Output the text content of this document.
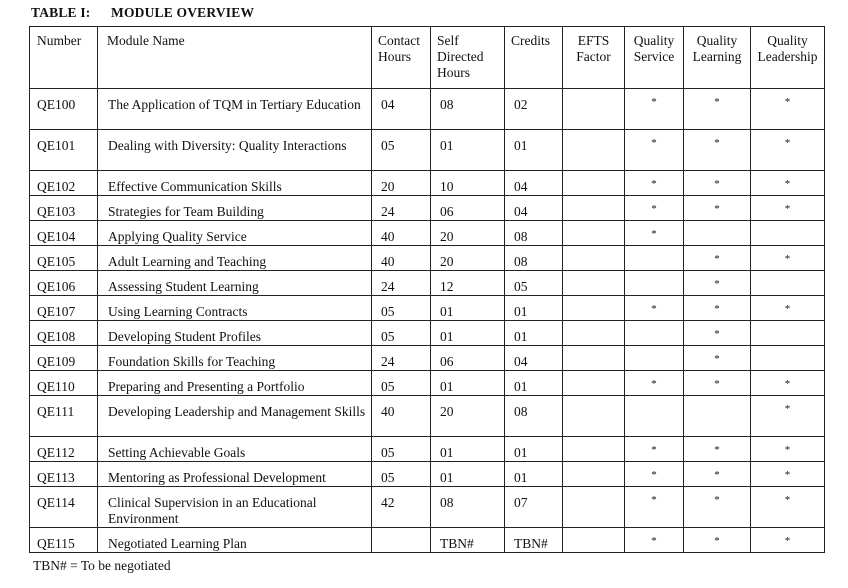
TABLE I: MODULE OVERVIEW
Number	Module Name	Contact Hours	Self Directed Hours	Credits	EFTS Factor	Quality Service	Quality Learning	Quality Leadership
QE100	The Application of TQM in Tertiary Education	04	08	02		*	*	*
QE101	Dealing with Diversity: Quality Interactions	05	01	01		*	*	*
QE102	Effective Communication Skills	20	10	04		*	*	*
QE103	Strategies for Team Building	24	06	04		*	*	*
QE104	Applying Quality Service	40	20	08		*		
QE105	Adult Learning and Teaching	40	20	08			*	*
QE106	Assessing Student Learning	24	12	05			*	
QE107	Using Learning Contracts	05	01	01		*	*	*
QE108	Developing Student Profiles	05	01	01			*	
QE109	Foundation Skills for Teaching	24	06	04			*	
QE110	Preparing and Presenting a Portfolio	05	01	01		*	*	*
QE111	Developing Leadership and Management Skills	40	20	08				*
QE112	Setting Achievable Goals	05	01	01		*	*	*
QE113	Mentoring as Professional Development	05	01	01		*	*	*
QE114	Clinical Supervision in an Educational Environment	42	08	07		*	*	*
QE115	Negotiated Learning Plan		TBN#	TBN#		*	*	*
TBN# = To be negotiated
